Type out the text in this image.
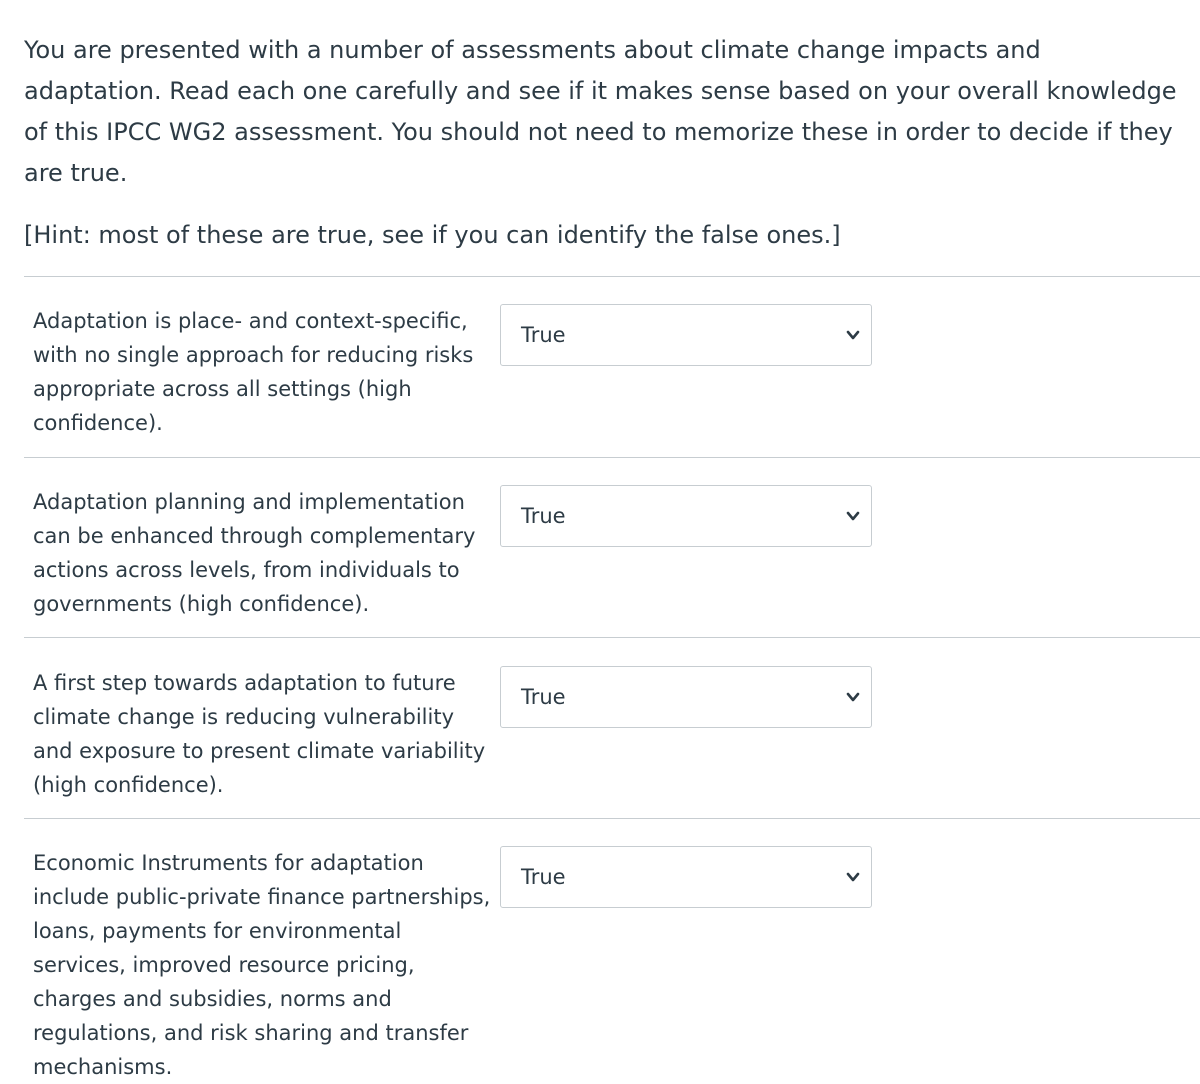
You are presented with a number of assessments about climate change impacts and adaptation. Read each one carefully and see if it makes sense based on your overall knowledge of this IPCC WG2 assessment. You should not need to memorize these in order to decide if they are true.

[Hint: most of these are true, see if you can identify the false ones.]

Adaptation is place- and context-specific, with no single approach for reducing risks appropriate across all settings (high confidence).
True
Adaptation planning and implementation can be enhanced through complementary actions across levels, from individuals to governments (high confidence).
True
A first step towards adaptation to future climate change is reducing vulnerability and exposure to present climate variability (high confidence).
True
Economic Instruments for adaptation include public-private finance partnerships, loans, payments for environmental services, improved resource pricing, charges and subsidies, norms and regulations, and risk sharing and transfer mechanisms.
True
